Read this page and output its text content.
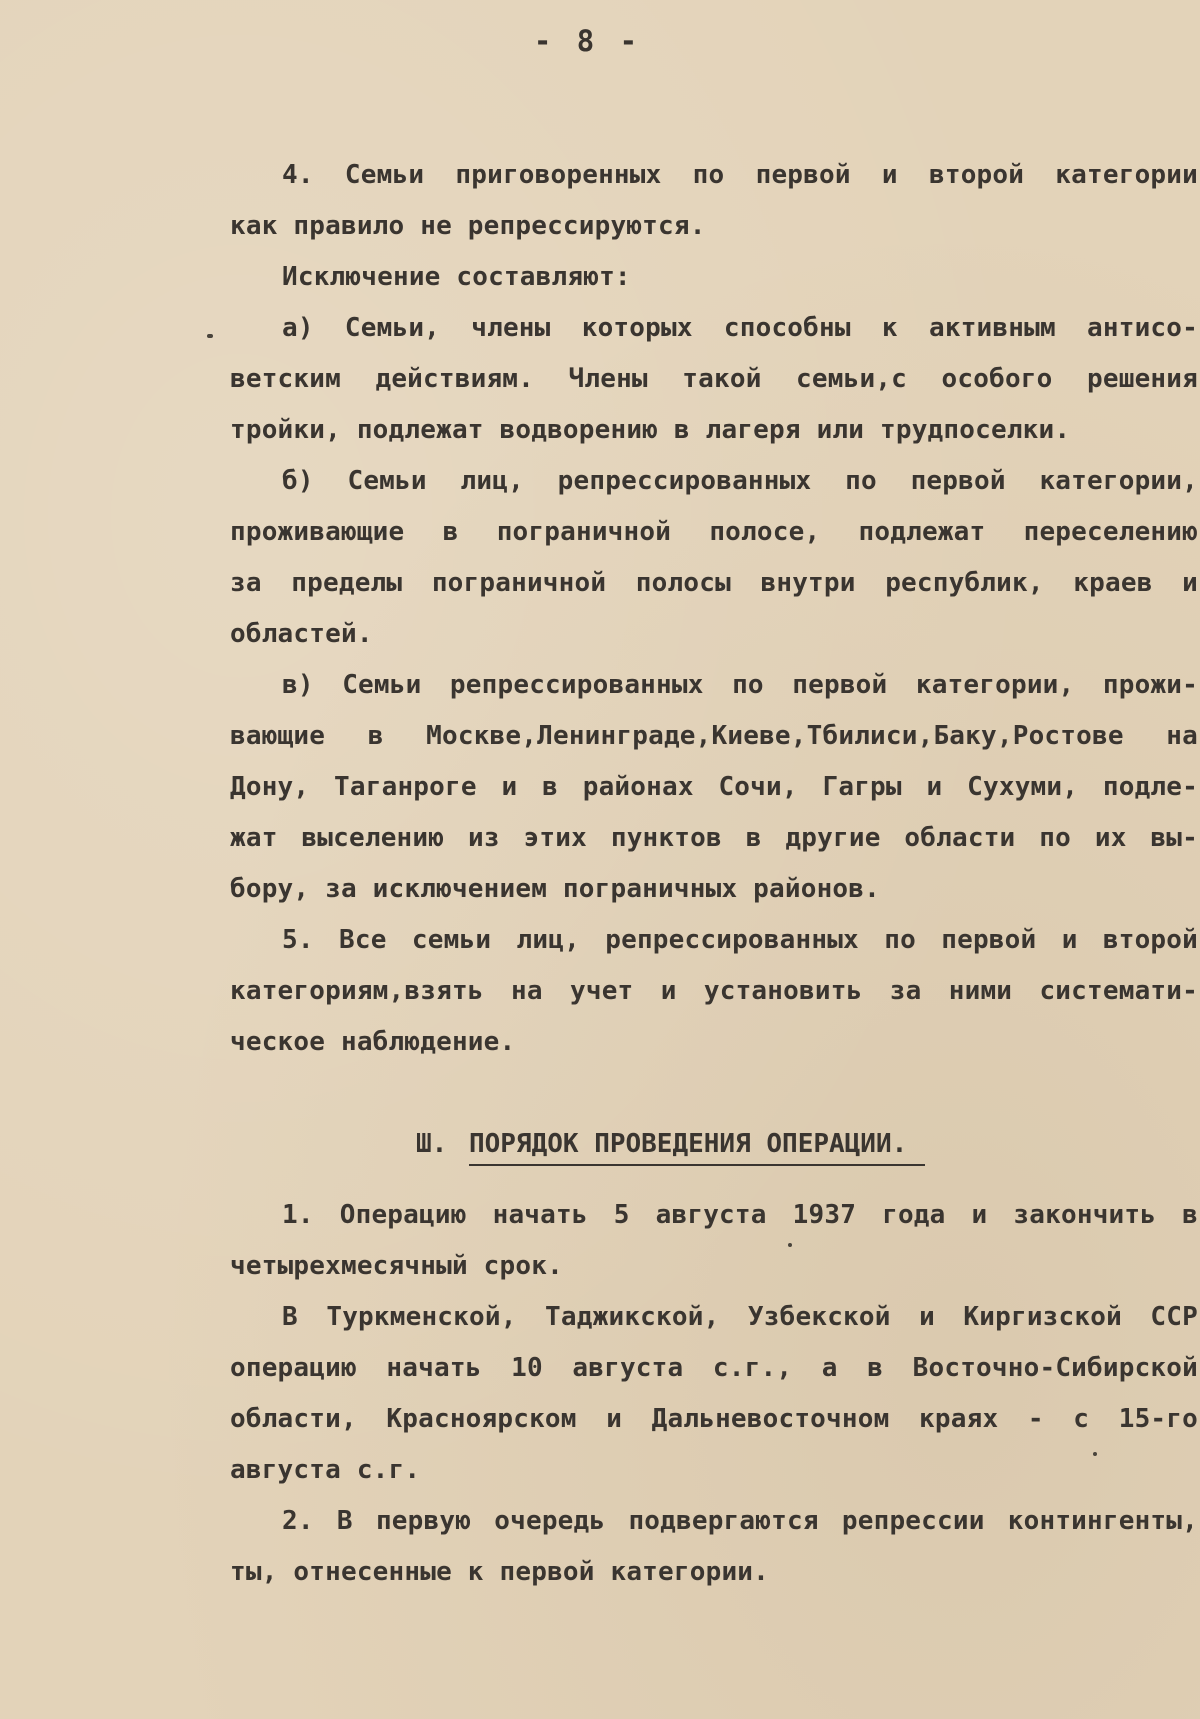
- 8 -
4. Семьи приговоренных по первой и второй категории
как правило не репрессируются.
Исключение составляют:
а) Семьи, члены которых способны к активным антисо-
ветским действиям. Члены такой семьи,с особого решения
тройки, подлежат водворению в лагеря или трудпоселки.
б) Семьи лиц, репрессированных по первой категории,
проживающие в пограничной полосе, подлежат переселению
за пределы пограничной полосы внутри республик, краев и
областей.
в) Семьи репрессированных по первой категории, прожи-
вающие в Москве,Ленинграде,Киеве,Тбилиси,Баку,Ростове на
Дону, Таганроге и в районах Сочи, Гагры и Сухуми, подле-
жат выселению из этих пунктов в другие области по их вы-
бору, за исключением пограничных районов.
5. Все семьи лиц, репрессированных по первой и второй
категориям,взять на учет и установить за ними системати-
ческое наблюдение.
Ш. ПОРЯДОК ПРОВЕДЕНИЯ ОПЕРАЦИИ.
1. Операцию начать 5 августа 1937 года и закончить в
четырехмесячный срок.
В Туркменской, Таджикской, Узбекской и Киргизской ССР
операцию начать 10 августа с.г., а в Восточно-Сибирской
области, Красноярском и Дальневосточном краях - с 15-го
августа с.г.
2. В первую очередь подвергаются репрессии контингенты,
ты, отнесенные к первой категории.
